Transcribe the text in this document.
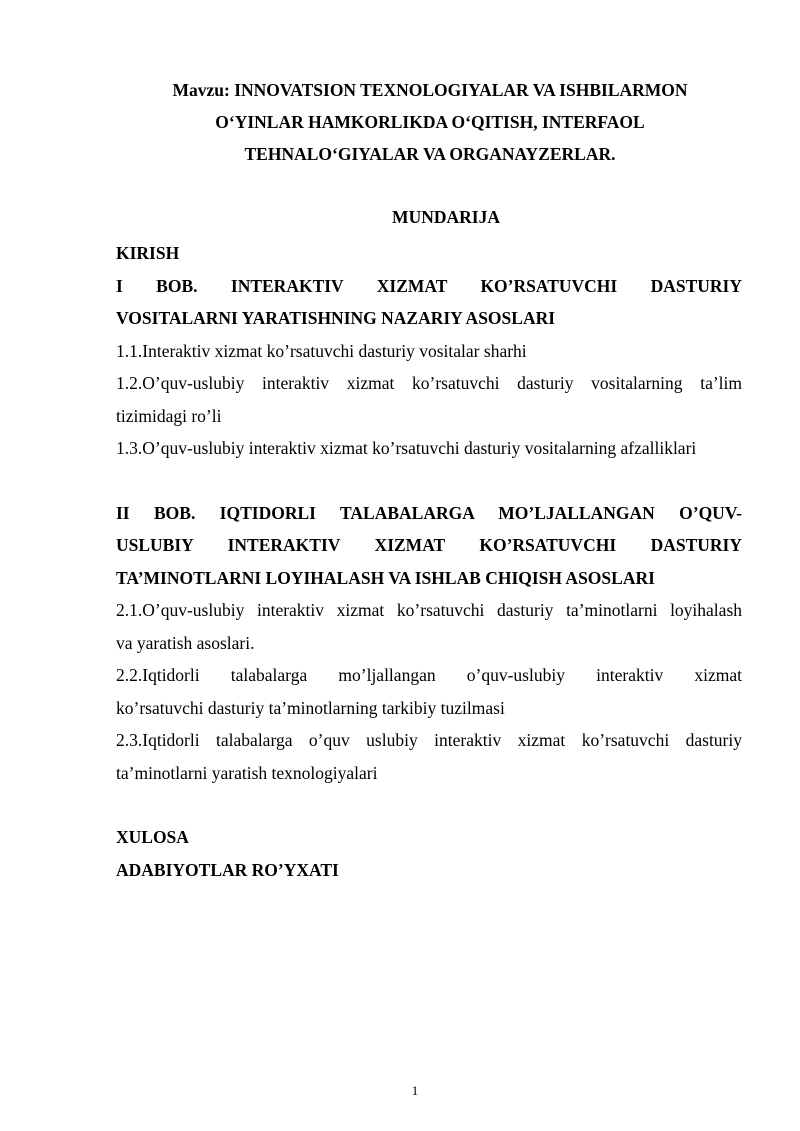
Mavzu: INNOVATSION TEXNOLOGIYALAR VA ISHBILARMON
O‘YINLAR HAMKORLIKDA O‘QITISH, INTERFAOL
TEHNALO‘GIYALAR VA ORGANAYZERLAR.
MUNDARIJA
KIRISH
I BOB. INTERAKTIV XIZMAT KO’RSATUVCHI DASTURIY
VOSITALARNI YARATISHNING NAZARIY ASOSLARI
1.1.Interaktiv xizmat ko’rsatuvchi dasturiy vositalar sharhi
1.2.O’quv-uslubiy interaktiv xizmat ko’rsatuvchi dasturiy vositalarning ta’lim
tizimidagi ro’li
1.3.O’quv-uslubiy interaktiv xizmat ko’rsatuvchi dasturiy vositalarning afzalliklari
II BOB. IQTIDORLI TALABALARGA MO’LJALLANGAN O’QUV-
USLUBIY INTERAKTIV XIZMAT KO’RSATUVCHI DASTURIY
TA’MINOTLARNI LOYIHALASH VA ISHLAB CHIQISH ASOSLARI
2.1.O’quv-uslubiy interaktiv xizmat ko’rsatuvchi dasturiy ta’minotlarni loyihalash
va yaratish asoslari.
2.2.Iqtidorli talabalarga mo’ljallangan o’quv-uslubiy interaktiv xizmat
ko’rsatuvchi dasturiy ta’minotlarning tarkibiy tuzilmasi
2.3.Iqtidorli talabalarga o’quv uslubiy interaktiv xizmat ko’rsatuvchi dasturiy
ta’minotlarni yaratish texnologiyalari
XULOSA
ADABIYOTLAR RO’YXATI
1
